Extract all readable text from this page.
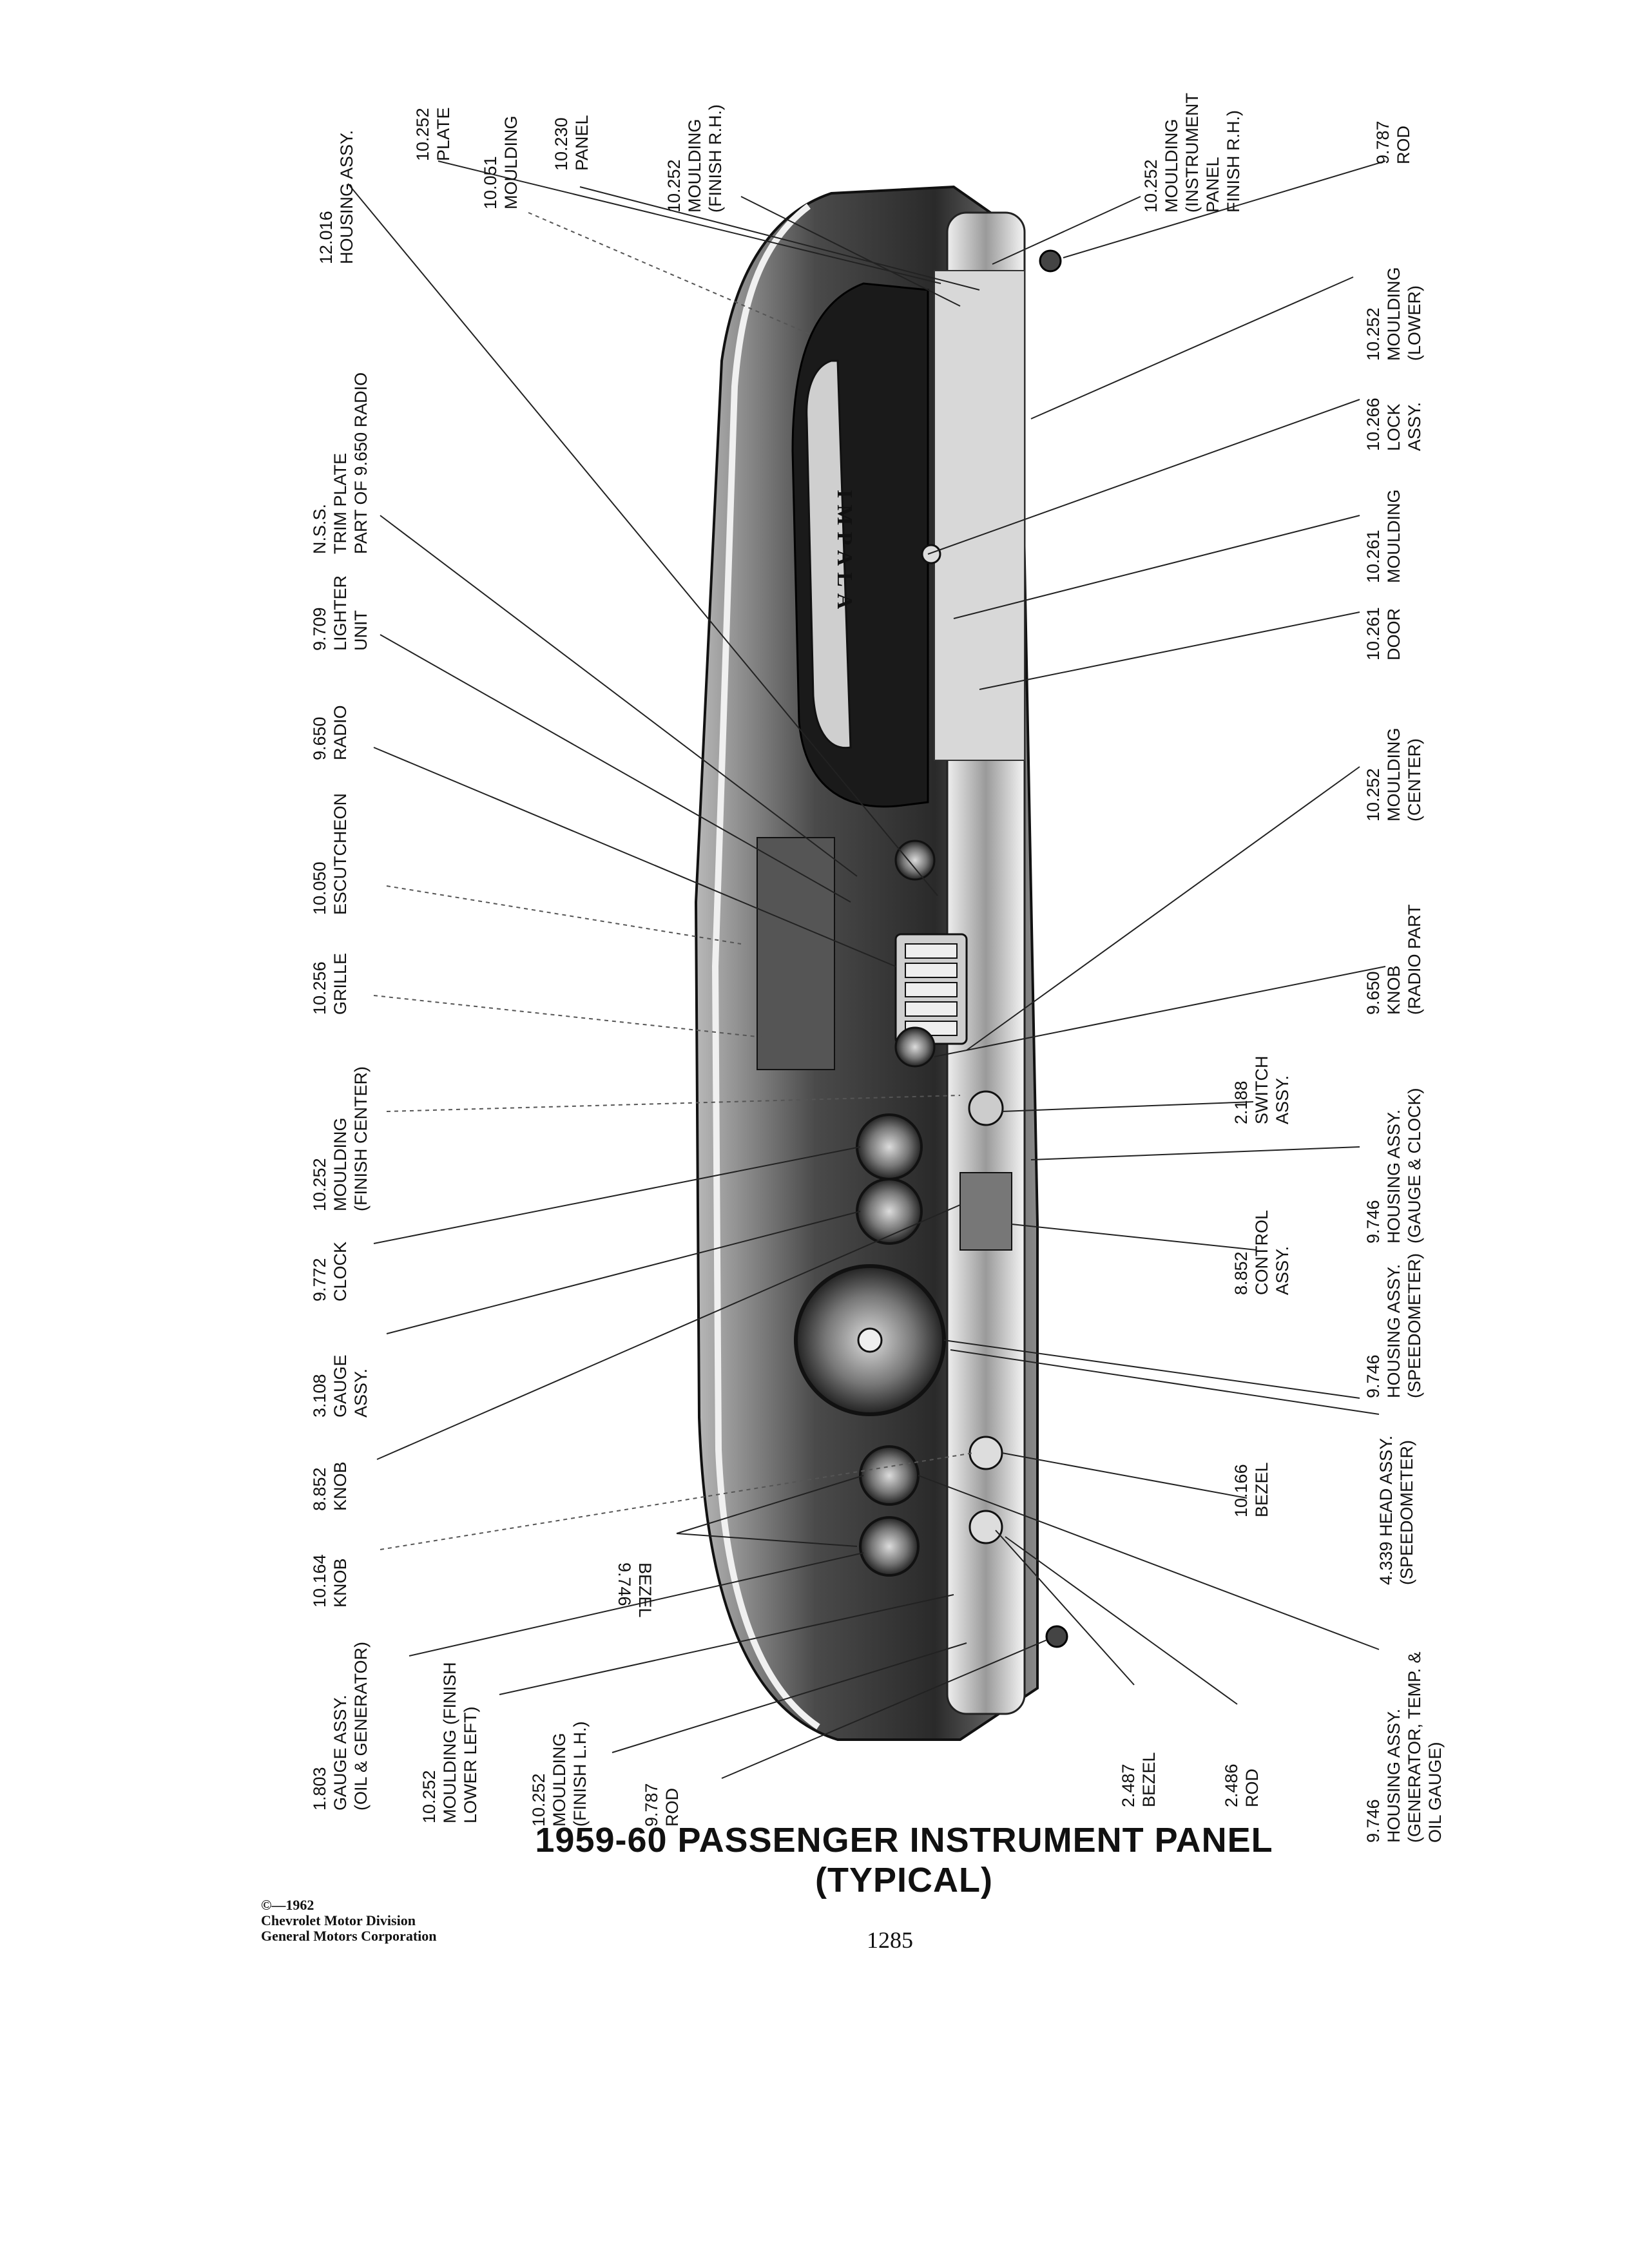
IMPALA
12.016HOUSING ASSY.
N.S.S.TRIM PLATEPART OF 9.650 RADIO
9.709LIGHTERUNIT
9.650RADIO
10.050ESCUTCHEON
10.256GRILLE
10.252MOULDING(FINISH CENTER)
9.772CLOCK
3.108GAUGEASSY.
8.852KNOB
10.164KNOB
1.803GAUGE ASSY.(OIL & GENERATOR)	10.252MOULDING (FINISHLOWER LEFT)	10.252MOULDING(FINISH L.H.)	9.787ROD
10.252PLATE
10.051MOULDING 10.230PANEL
10.252MOULDING(FINISH R.H.)	10.252MOULDING(INSTRUMENTPANELFINISH R.H.)	9.787ROD
10.252MOULDING(LOWER)
10.266LOCKASSY.
10.261MOULDING
10.261DOOR
10.252MOULDING(CENTER)
9.650KNOB(RADIO PART
9.746HOUSING ASSY.(GAUGE & CLOCK)
9.746HOUSING ASSY.(SPEEDOMETER)
4.339 HEAD ASSY.(SPEEDOMETER)
9.746HOUSING ASSY.(GENERATOR, TEMP. &OIL GAUGE)
2.188SWITCHASSY.
8.852CONTROLASSY.
10.166BEZEL
9.746BEZEL
2.487BEZEL	2.486ROD
1959-60 PASSENGER INSTRUMENT PANEL (TYPICAL)
©—1962
Chevrolet Motor Division
General Motors Corporation	1285
